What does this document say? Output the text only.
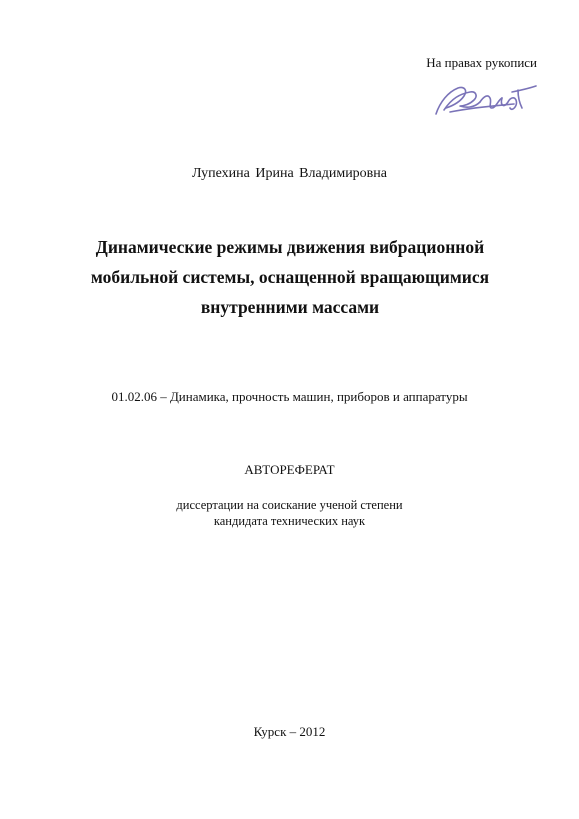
На правах рукописи
Лупехина Ирина Владимировна
Динамические режимы движения вибрационной
мобильной системы, оснащенной вращающимися
внутренними массами
01.02.06 – Динамика, прочность машин, приборов и аппаратуры
АВТОРЕФЕРАТ
диссертации на соискание ученой степени
кандидата технических наук
Курск – 2012
